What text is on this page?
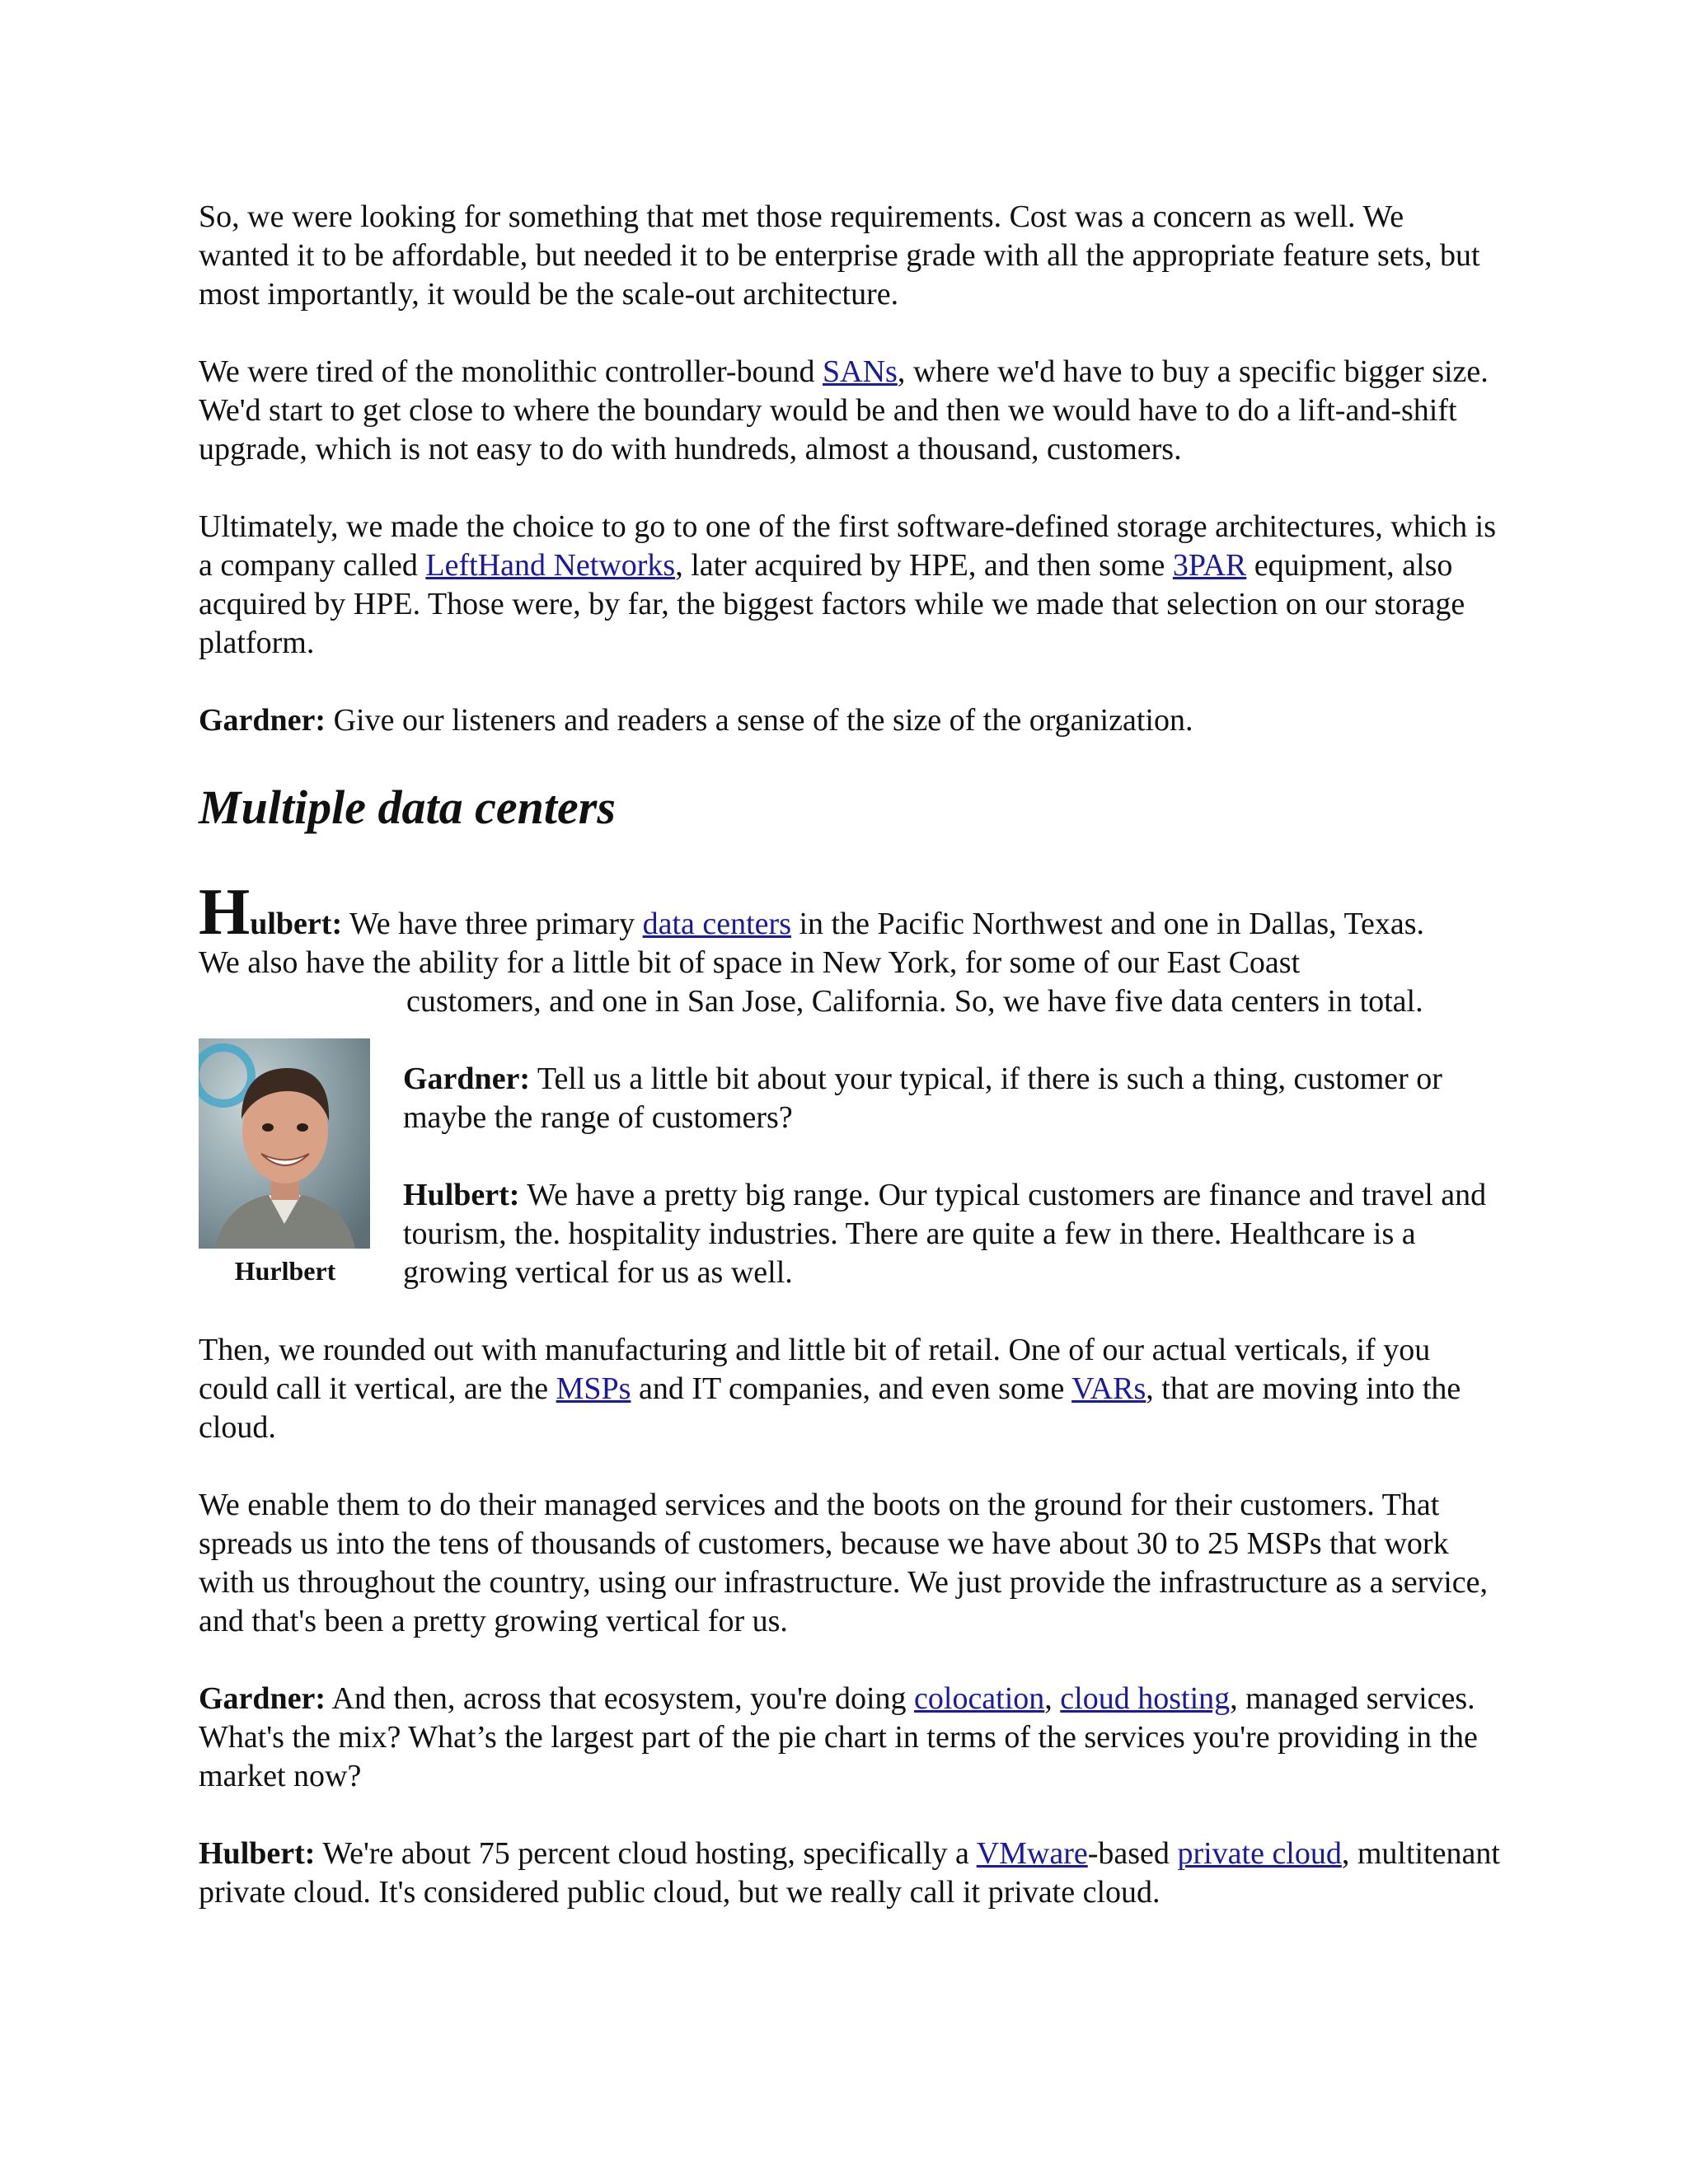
So, we were looking for something that met those requirements. Cost was a concern as well. We wanted it to be affordable, but needed it to be enterprise grade with all the appropriate feature sets, but most importantly, it would be the scale-out architecture.

We were tired of the monolithic controller-bound SANs, where we'd have to buy a specific bigger size. We'd start to get close to where the boundary would be and then we would have to do a lift-and-shift upgrade, which is not easy to do with hundreds, almost a thousand, customers.

Ultimately, we made the choice to go to one of the first software-defined storage architectures, which is a company called LeftHand Networks, later acquired by HPE, and then some 3PAR equipment, also acquired by HPE. Those were, by far, the biggest factors while we made that selection on our storage platform.

Gardner: Give our listeners and readers a sense of the size of the organization.

Multiple data centers

Hulbert: We have three primary data centers in the Pacific Northwest and one in Dallas, Texas.

We also have the ability for a little bit of space in New York, for some of our East Coast

customers, and one in San Jose, California. So, we have five data centers in total.

Hurlbert

Gardner: Tell us a little bit about your typical, if there is such a thing, customer or maybe the range of customers?

Hulbert: We have a pretty big range. Our typical customers are finance and travel and tourism, the. hospitality industries. There are quite a few in there. Healthcare is a growing vertical for us as well.

Then, we rounded out with manufacturing and little bit of retail. One of our actual verticals, if you could call it vertical, are the MSPs and IT companies, and even some VARs, that are moving into the cloud.

We enable them to do their managed services and the boots on the ground for their customers. That spreads us into the tens of thousands of customers, because we have about 30 to 25 MSPs that work with us throughout the country, using our infrastructure. We just provide the infrastructure as a service, and that's been a pretty growing vertical for us.

Gardner: And then, across that ecosystem, you're doing colocation, cloud hosting, managed services. What's the mix? What’s the largest part of the pie chart in terms of the services you're providing in the market now?

Hulbert: We're about 75 percent cloud hosting, specifically a VMware-based private cloud, multitenant private cloud. It's considered public cloud, but we really call it private cloud.
